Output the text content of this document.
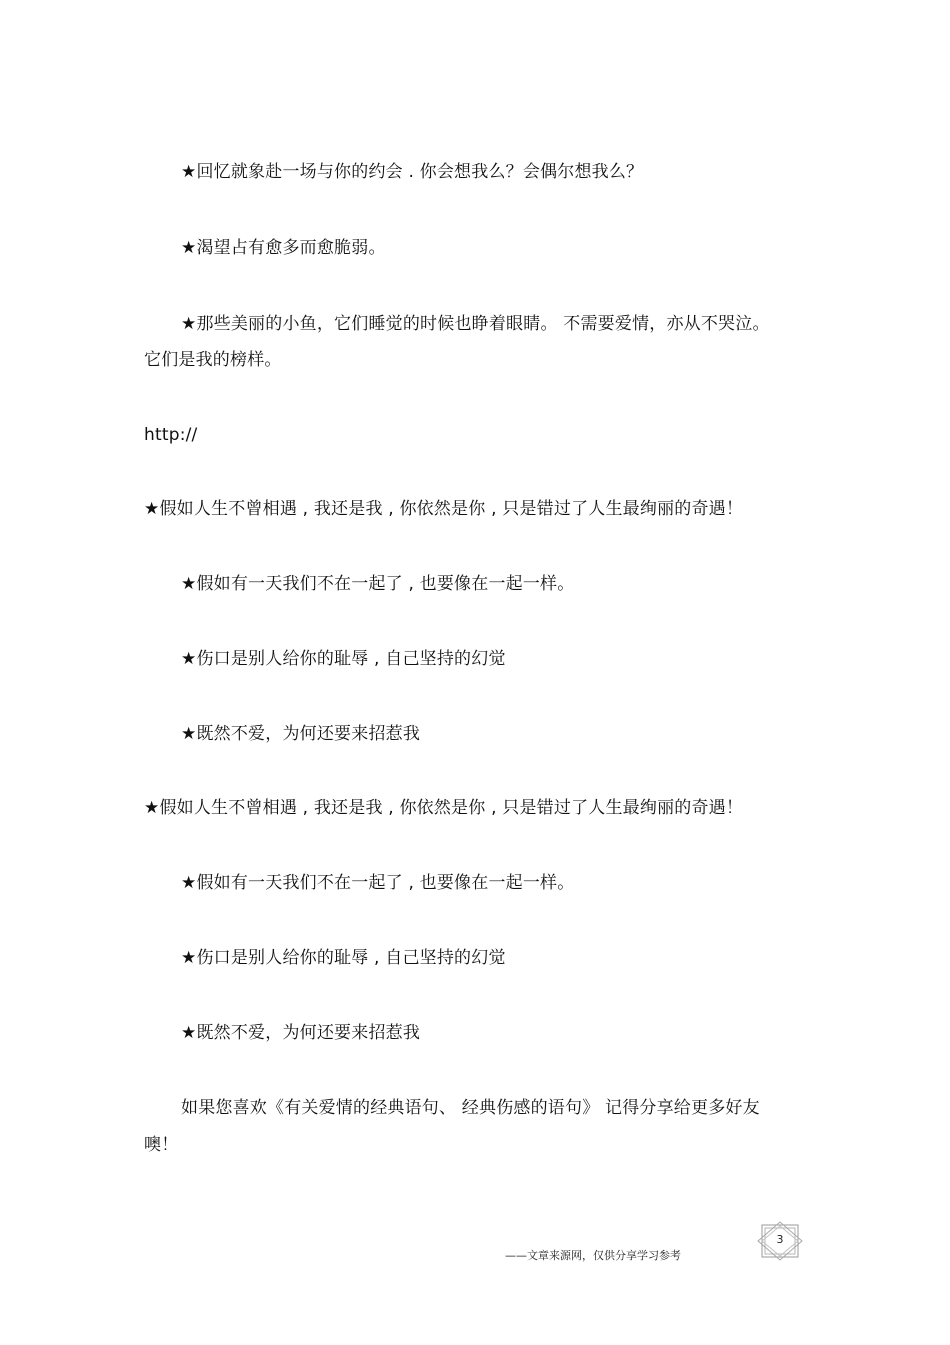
★回忆就象赴一场与你的约会 . 你会想我么？会偶尔想我么？
★渴望占有愈多而愈脆弱。
★那些美丽的小鱼，它们睡觉的时候也睁着眼睛。 不需要爱情，亦从不哭泣。
它们是我的榜样。
http://
★假如人生不曾相遇 , 我还是我 , 你依然是你 , 只是错过了人生最绚丽的奇遇！
★假如有一天我们不在一起了 , 也要像在一起一样。
★伤口是别人给你的耻辱 , 自己坚持的幻觉
★既然不爱，为何还要来招惹我
★假如人生不曾相遇 , 我还是我 , 你依然是你 , 只是错过了人生最绚丽的奇遇！
★假如有一天我们不在一起了 , 也要像在一起一样。
★伤口是别人给你的耻辱 , 自己坚持的幻觉
★既然不爱，为何还要来招惹我
如果您喜欢《有关爱情的经典语句、 经典伤感的语句》 记得分享给更多好友
噢！
——文章来源网，仅供分享学习参考
3
